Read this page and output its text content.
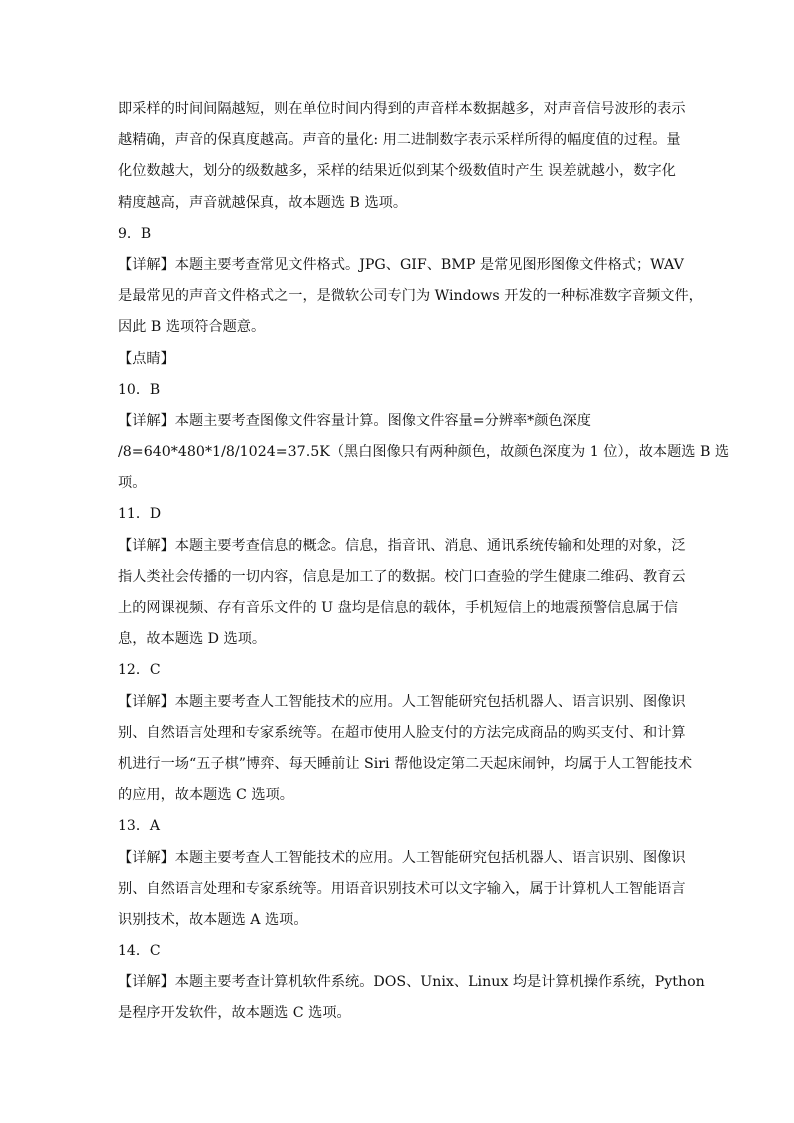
即采样的时间间隔越短，则在单位时间内得到的声音样本数据越多，对声音信号波形的表示
越精确，声音的保真度越高。声音的量化: 用二进制数字表示采样所得的幅度值的过程。量
化位数越大，划分的级数越多，采样的结果近似到某个级数值时产生 误差就越小，数字化
精度越高，声音就越保真，故本题选 B 选项。
9．B
【详解】本题主要考查常见文件格式。JPG、GIF、BMP 是常见图形图像文件格式；WAV
是最常见的声音文件格式之一，是微软公司专门为 Windows 开发的一种标准数字音频文件，
因此 B 选项符合题意。
【点睛】
10．B
【详解】本题主要考查图像文件容量计算。图像文件容量=分辨率*颜色深度
/8=640*480*1/8/1024=37.5K（黑白图像只有两种颜色，故颜色深度为 1 位），故本题选 B 选
项。
11．D
【详解】本题主要考查信息的概念。信息，指音讯、消息、通讯系统传输和处理的对象，泛
指人类社会传播的一切内容，信息是加工了的数据。校门口查验的学生健康二维码、教育云
上的网课视频、存有音乐文件的 U 盘均是信息的载体，手机短信上的地震预警信息属于信
息，故本题选 D 选项。
12．C
【详解】本题主要考查人工智能技术的应用。人工智能研究包括机器人、语言识别、图像识
别、自然语言处理和专家系统等。在超市使用人脸支付的方法完成商品的购买支付、和计算
机进行一场“五子棋”博弈、每天睡前让 Siri 帮他设定第二天起床闹钟，均属于人工智能技术
的应用，故本题选 C 选项。
13．A
【详解】本题主要考查人工智能技术的应用。人工智能研究包括机器人、语言识别、图像识
别、自然语言处理和专家系统等。用语音识别技术可以文字输入，属于计算机人工智能语言
识别技术，故本题选 A 选项。
14．C
【详解】本题主要考查计算机软件系统。DOS、Unix、Linux 均是计算机操作系统，Python
是程序开发软件，故本题选 C 选项。
